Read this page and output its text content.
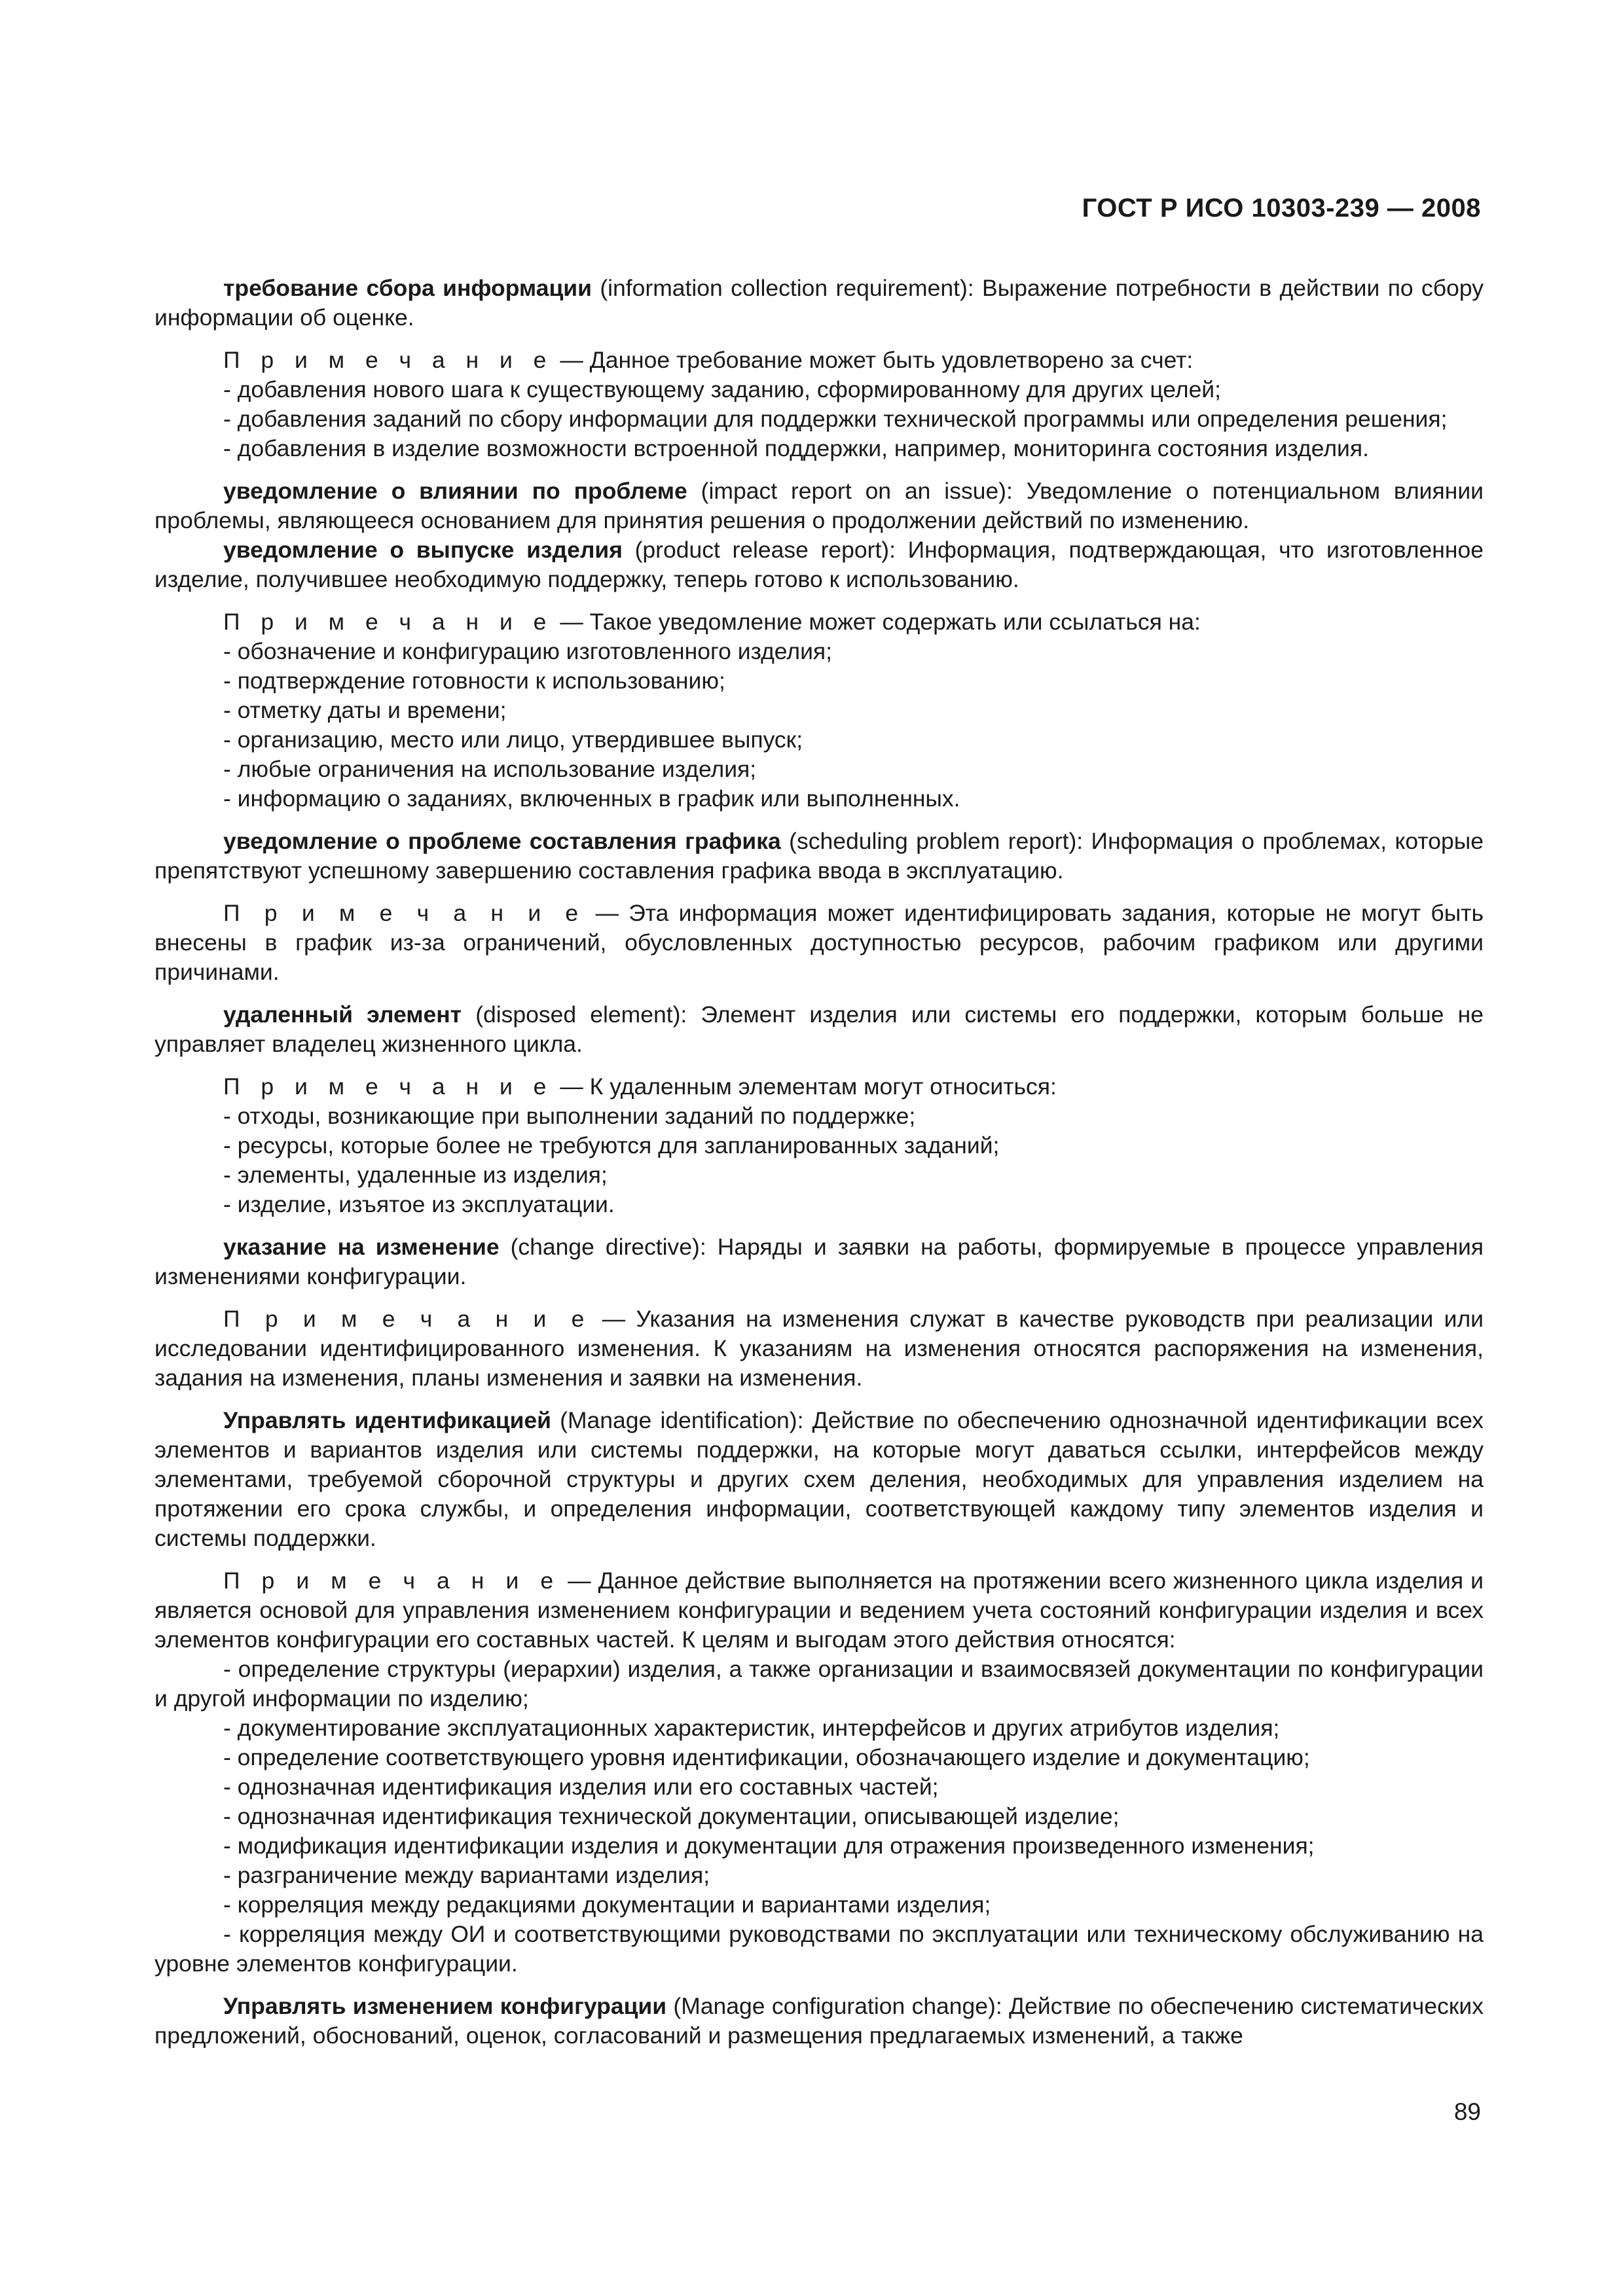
ГОСТ Р ИСО 10303-239 — 2008
требование сбора информации (information collection requirement): Выражение потребности в действии по сбору информации об оценке.
П р и м е ч а н и е — Данное требование может быть удовлетворено за счет:
- добавления нового шага к существующему заданию, сформированному для других целей;
- добавления заданий по сбору информации для поддержки технической программы или определения решения;
- добавления в изделие возможности встроенной поддержки, например, мониторинга состояния изделия.
уведомление о влиянии по проблеме (impact report on an issue): Уведомление о потенциальном влиянии проблемы, являющееся основанием для принятия решения о продолжении действий по изменению.
уведомление о выпуске изделия (product release report): Информация, подтверждающая, что изготовленное изделие, получившее необходимую поддержку, теперь готово к использованию.
П р и м е ч а н и е — Такое уведомление может содержать или ссылаться на:
- обозначение и конфигурацию изготовленного изделия;
- подтверждение готовности к использованию;
- отметку даты и времени;
- организацию, место или лицо, утвердившее выпуск;
- любые ограничения на использование изделия;
- информацию о заданиях, включенных в график или выполненных.
уведомление о проблеме составления графика (scheduling problem report): Информация о проблемах, которые препятствуют успешному завершению составления графика ввода в эксплуатацию.
П р и м е ч а н и е — Эта информация может идентифицировать задания, которые не могут быть внесены в график из-за ограничений, обусловленных доступностью ресурсов, рабочим графиком или другими причинами.
удаленный элемент (disposed element): Элемент изделия или системы его поддержки, которым больше не управляет владелец жизненного цикла.
П р и м е ч а н и е — К удаленным элементам могут относиться:
- отходы, возникающие при выполнении заданий по поддержке;
- ресурсы, которые более не требуются для запланированных заданий;
- элементы, удаленные из изделия;
- изделие, изъятое из эксплуатации.
указание на изменение (change directive): Наряды и заявки на работы, формируемые в процессе управления изменениями конфигурации.
П р и м е ч а н и е — Указания на изменения служат в качестве руководств при реализации или исследовании идентифицированного изменения. К указаниям на изменения относятся распоряжения на изменения, задания на изменения, планы изменения и заявки на изменения.
Управлять идентификацией (Manage identification): Действие по обеспечению однозначной идентификации всех элементов и вариантов изделия или системы поддержки, на которые могут даваться ссылки, интерфейсов между элементами, требуемой сборочной структуры и других схем деления, необходимых для управления изделием на протяжении его срока службы, и определения информации, соответствующей каждому типу элементов изделия и системы поддержки.
П р и м е ч а н и е — Данное действие выполняется на протяжении всего жизненного цикла изделия и является основой для управления изменением конфигурации и ведением учета состояний конфигурации изделия и всех элементов конфигурации его составных частей. К целям и выгодам этого действия относятся:
- определение структуры (иерархии) изделия, а также организации и взаимосвязей документации по конфигурации и другой информации по изделию;
- документирование эксплуатационных характеристик, интерфейсов и других атрибутов изделия;
- определение соответствующего уровня идентификации, обозначающего изделие и документацию;
- однозначная идентификация изделия или его составных частей;
- однозначная идентификация технической документации, описывающей изделие;
- модификация идентификации изделия и документации для отражения произведенного изменения;
- разграничение между вариантами изделия;
- корреляция между редакциями документации и вариантами изделия;
- корреляция между ОИ и соответствующими руководствами по эксплуатации или техническому обслуживанию на уровне элементов конфигурации.
Управлять изменением конфигурации (Manage configuration change): Действие по обеспечению систематических предложений, обоснований, оценок, согласований и размещения предлагаемых изменений, а также
89
